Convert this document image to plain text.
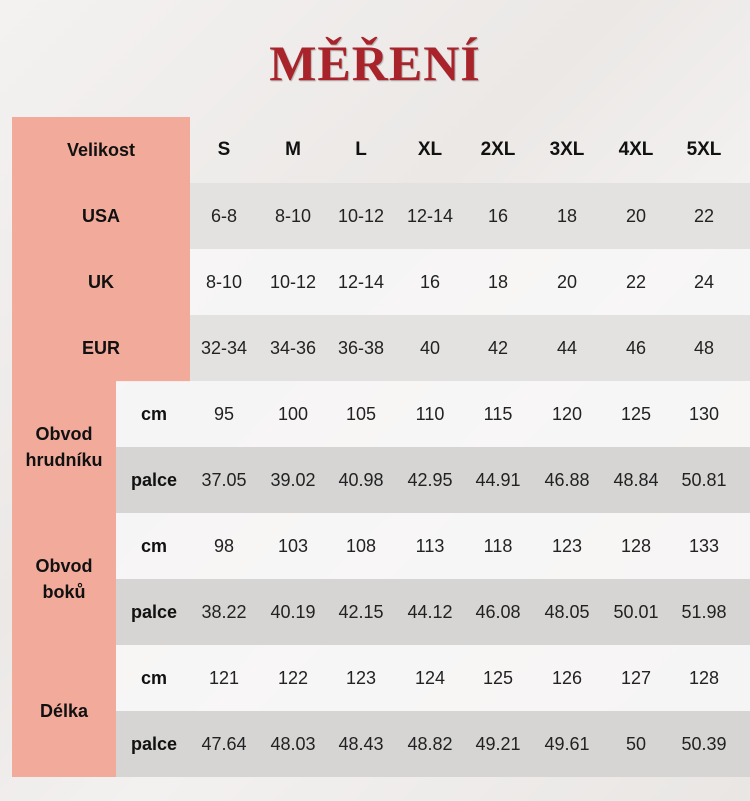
MĚŘENÍ
Velikost	S	M	L	XL	2XL	3XL	4XL	5XL
USA	6-8	8-10	10-12	12-14	16	18	20	22
UK	8-10	10-12	12-14	16	18	20	22	24
EUR	32-34	34-36	36-38	40	42	44	46	48
Obvod
hrudníku
cm	95	100	105	110	115	120	125	130
palce	37.05	39.02	40.98	42.95	44.91	46.88	48.84	50.81
Obvod
boků
cm	98	103	108	113	118	123	128	133
palce	38.22	40.19	42.15	44.12	46.08	48.05	50.01	51.98
Délka
cm	121	122	123	124	125	126	127	128
palce	47.64	48.03	48.43	48.82	49.21	49.61	50	50.39
